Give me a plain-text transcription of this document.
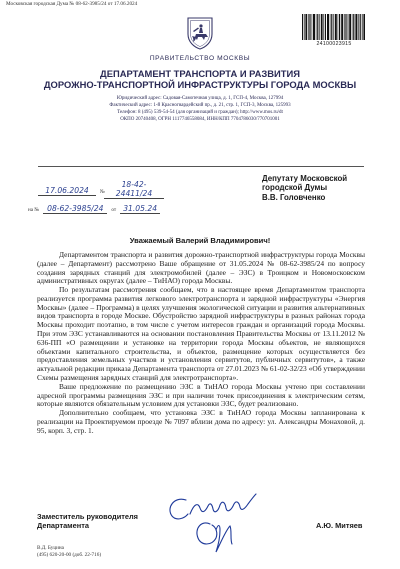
Московская городская Дума № 08-62-3985/24 от 17.06.2024
24100023915
ПРАВИТЕЛЬСТВО МОСКВЫ
ДЕПАРТАМЕНТ ТРАНСПОРТА И РАЗВИТИЯ
ДОРОЖНО-ТРАНСПОРТНОЙ ИНФРАСТРУКТУРЫ ГОРОДА МОСКВЫ
Юридический адрес: Садовая-Самотечная улица, д. 1, ГСП-4, Москва, 127994
Фактический адрес: 1-й Красногвардейский пр., д. 21, стр. 1, ГСП-3, Москва, 125993
Телефон: 8 (495) 539-54-54 (для организаций и граждан); http://www.mos.ru/dt
ОКПО 20740408, ОГРН 1117746558084, ИНН/КПП 7704786030/770701001
17.06.2024 №
18-42-24411/24
на № 08-62-3985/24 от 31.05.24
Депутату Московской
городской Думы
В.В. Головченко
Уважаемый Валерий Владимирович!

Департаментом транспорта и развития дорожно-транспортной инфраструктуры города Москвы (далее – Департамент) рассмотрено Ваше обращение от 31.05.2024 № 08-62-3985/24 по вопросу создания зарядных станций для электромобилей (далее – ЭЗС) в Троицком и Новомосковском административных округах (далее – ТиНАО) города Москвы.

По результатам рассмотрения сообщаем, что в настоящее время Департаментом транспорта реализуется программа развития легкового электротранспорта и зарядной инфраструктуры «Энергия Москвы» (далее – Программа) в целях улучшения экологической ситуации и развития альтернативных видов транспорта в городе Москве. Обустройство зарядной инфраструктуры в разных районах города Москвы проходит поэтапно, в том числе с учетом интересов граждан и организаций города Москвы. При этом ЭЗС устанавливаются на основании постановления Правительства Москвы от 13.11.2012 № 636-ПП «О размещении и установке на территории города Москвы объектов, не являющихся объектами капитального строительства, и объектов, размещение которых осуществляется без предоставления земельных участков и установления сервитутов, публичных сервитутов», а также актуальной редакции приказа Департамента транспорта от 27.01.2023 № 61-02-32/23 «Об утверждении Схемы размещения зарядных станций для электротранспорта».

Ваше предложение по размещению ЭЗС в ТиНАО города Москвы учтено при составлении адресной программы размещения ЭЗС и при наличии точек присоединения к электрическим сетям, которые являются обязательным условием для установки ЭЗС, будет реализовано.

Дополнительно сообщаем, что установка ЭЗС в ТиНАО города Москвы запланирована к реализации на Проектируемом проезде № 7097 вблизи дома по адресу: ул. Александры Монаховой, д. 95, корп. 3, стр. 1.

Заместитель руководителя
Департамента	А.Ю. Митяев
В.Д. Буцина
(495) 620-20-00 (доб. 22-716)
